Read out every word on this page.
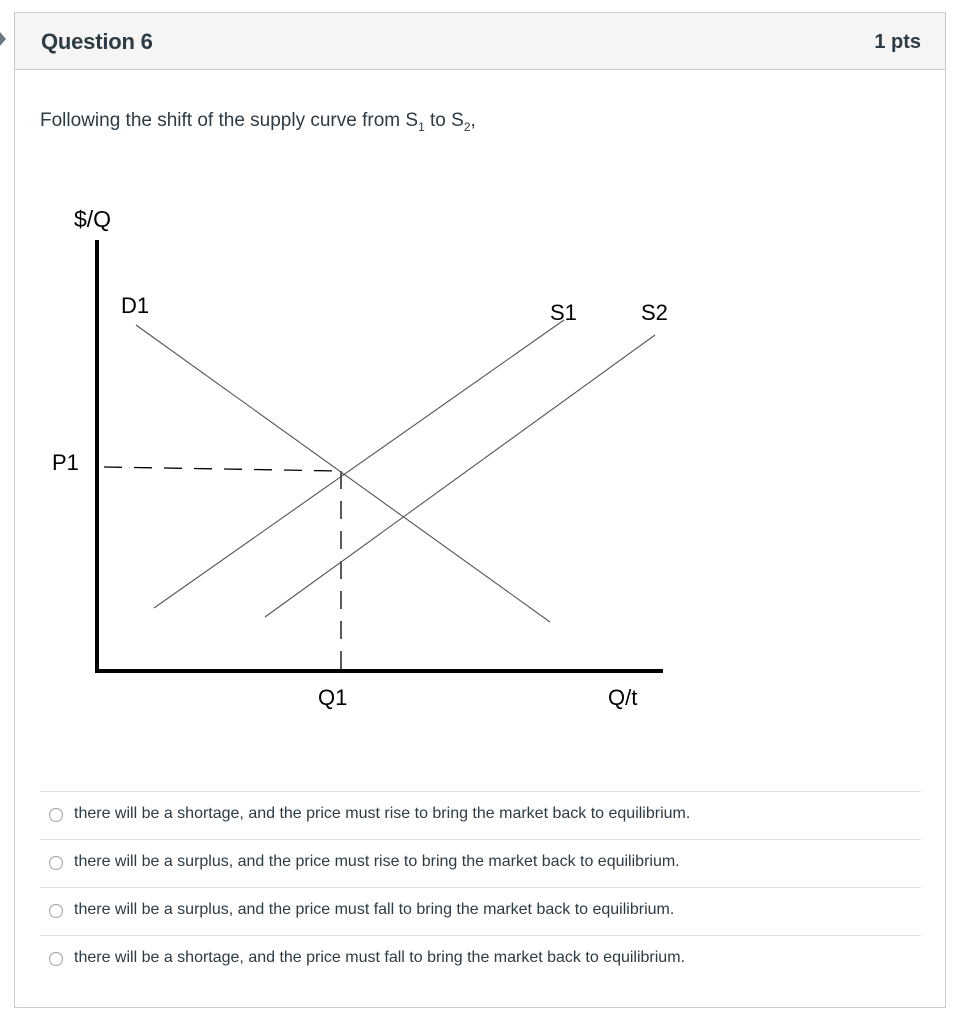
Question 6	1 pts
Following the shift of the supply curve from $S_1$ to $S_2$,
$/Q
D1	S1	S2
P1
Q1	Q/t
there will be a shortage, and the price must rise to bring the market back to equilibrium.
there will be a surplus, and the price must rise to bring the market back to equilibrium.
there will be a surplus, and the price must fall to bring the market back to equilibrium.
there will be a shortage, and the price must fall to bring the market back to equilibrium.
